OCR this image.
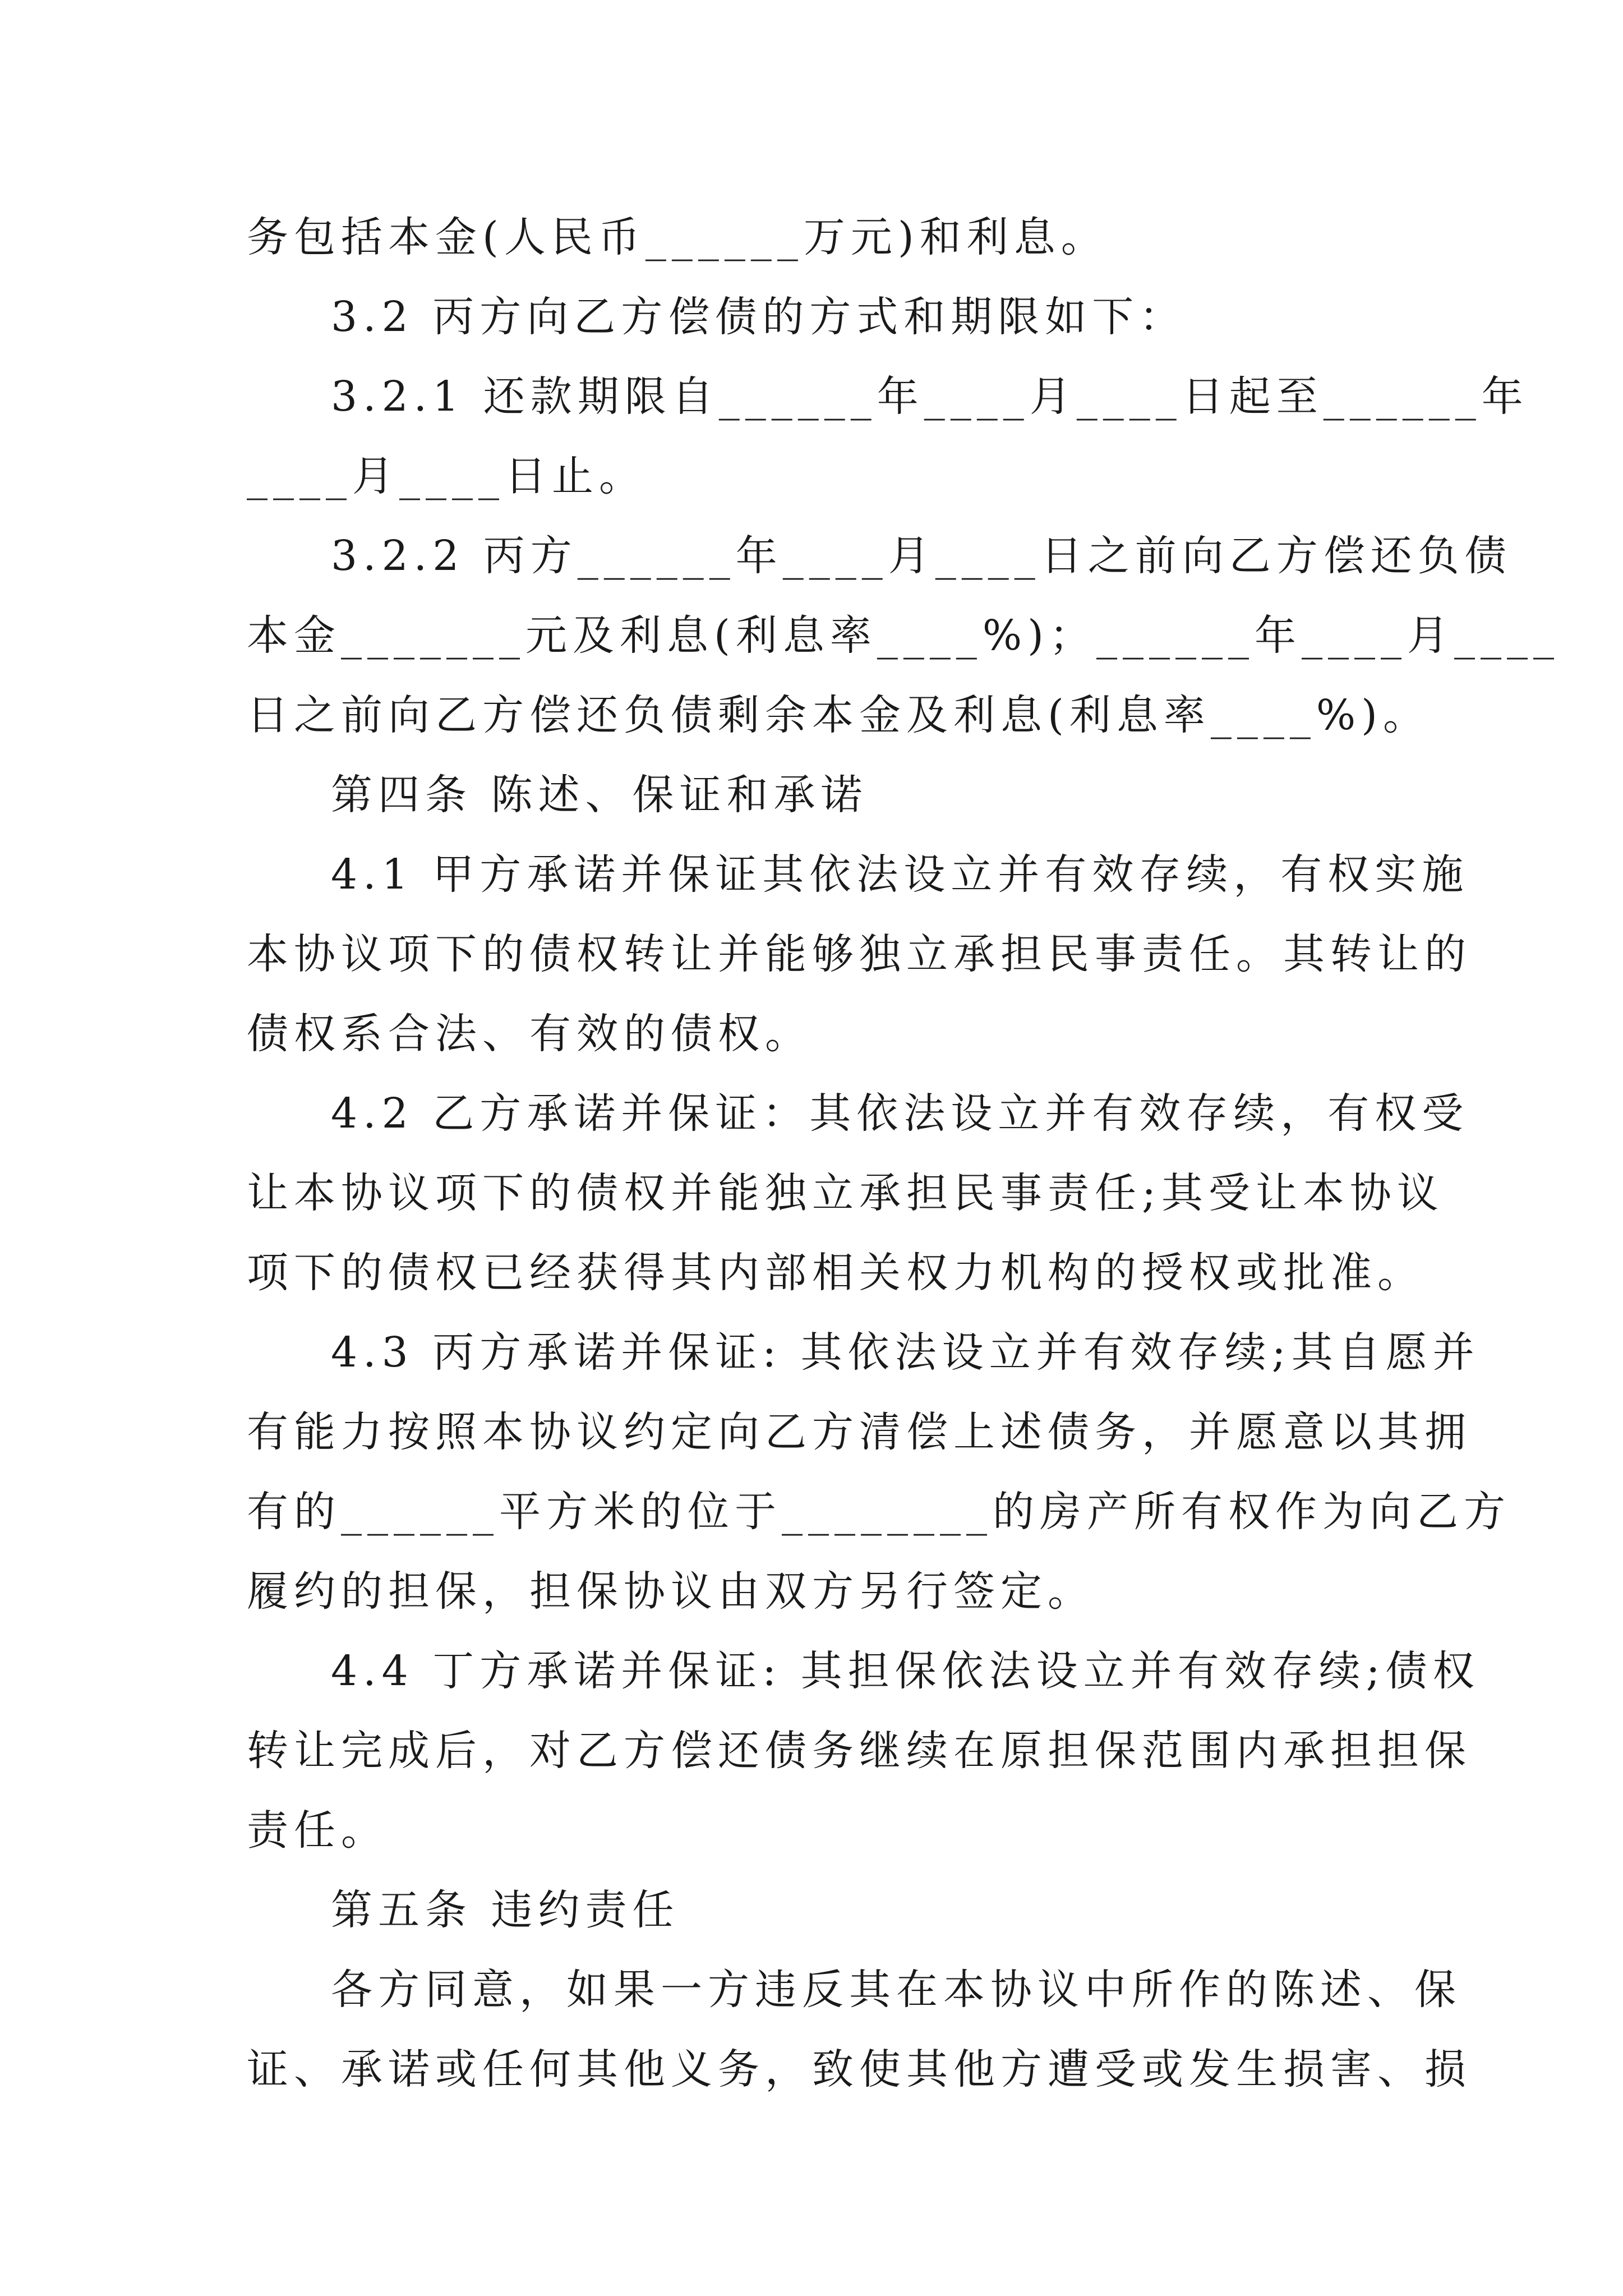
务包括本金(人民币______万元)和利息。
3.2 丙方向乙方偿债的方式和期限如下：
3.2.1 还款期限自______年____月____日起至______年
____月____日止。
3.2.2 丙方______年____月____日之前向乙方偿还负债
本金_______元及利息(利息率____%)；______年____月____
日之前向乙方偿还负债剩余本金及利息(利息率____%)。
第四条 陈述、保证和承诺
4.1 甲方承诺并保证其依法设立并有效存续，有权实施
本协议项下的债权转让并能够独立承担民事责任。其转让的
债权系合法、有效的债权。
4.2 乙方承诺并保证：其依法设立并有效存续，有权受
让本协议项下的债权并能独立承担民事责任;其受让本协议
项下的债权已经获得其内部相关权力机构的授权或批准。
4.3 丙方承诺并保证: 其依法设立并有效存续;其自愿并
有能力按照本协议约定向乙方清偿上述债务，并愿意以其拥
有的______平方米的位于________的房产所有权作为向乙方
履约的担保，担保协议由双方另行签定。
4.4 丁方承诺并保证: 其担保依法设立并有效存续;债权
转让完成后，对乙方偿还债务继续在原担保范围内承担担保
责任。
第五条 违约责任
各方同意，如果一方违反其在本协议中所作的陈述、保
证、承诺或任何其他义务，致使其他方遭受或发生损害、损
